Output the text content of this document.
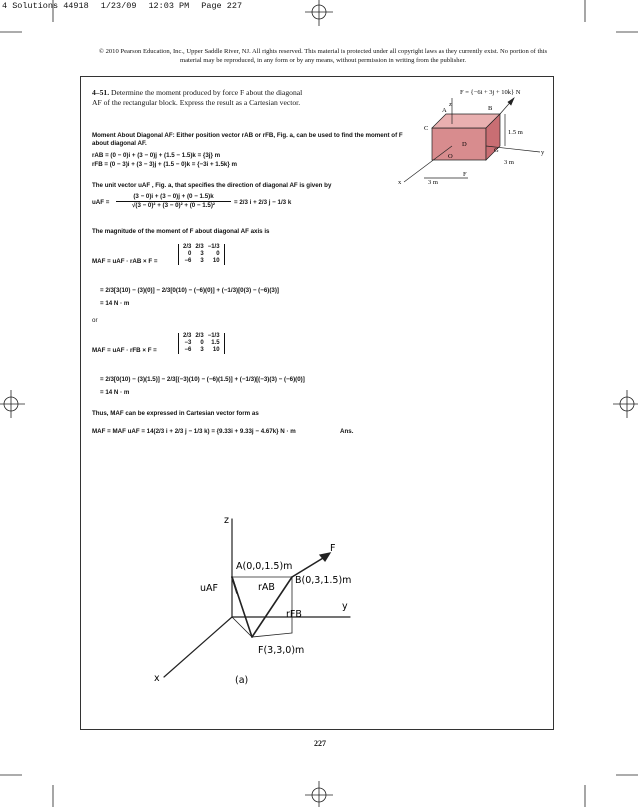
4 Solutions 44918 1/23/09 12:03 PM Page 227
© 2010 Pearson Education, Inc., Upper Saddle River, NJ. All rights reserved. This material is protected under all copyright laws as they currently exist. No portion of this material may be reproduced, in any form or by any means, without permission in writing from the publisher.
4–51. Determine the moment produced by force F about the diagonal AF of the rectangular block. Express the result as a Cartesian vector.
F = {−6i + 3j + 10k} N
z
y
x
A	B
C
D
O
G
F
1.5 m
3 m
3 m
Moment About Diagonal AF: Either position vector rAB or rFB, Fig. a, can be used to find the moment of F
about diagonal AF.
rAB = (0 − 0)i + (3 − 0)j + (1.5 − 1.5)k = {3j} m
rFB = (0 − 3)i + (3 − 3)j + (1.5 − 0)k = {−3i + 1.5k} m
The unit vector uAF , Fig. a, that specifies the direction of diagonal AF is given by
uAF = $\frac{(3 - 0)i + (3 - 0)j + (0 - 1.5)k}{\text{√(3 − 0)² + (3 − 0)² + (0 − 1.5)²}} = 2/3$ i + 2/3 j − 1/3 k
The magnitude of the moment of F about diagonal AF axis is
MAF = uAF · rAB × F =
2/3	2/3	−1/3
0	3	0
−6	3	10
= 2/3[3(10) − (3)(0)] − 2/3[0(10) − (−6)(0)] + (−1/3)[0(3) − (−6)(3)]
= 14 N · m
or
MAF = uAF · rFB × F =
2/3	2/3	−1/3
−3	0	1.5
−6	3	10
= 2/3[0(10) − (3)(1.5)] − 2/3[(−3)(10) − (−6)(1.5)] + (−1/3)[(−3)(3) − (−6)(0)]
= 14 N · m
Thus, MAF can be expressed in Cartesian vector form as
MAF = MAF uAF = 14(2/3 i + 2/3 j − 1/3 k) = {9.33i + 9.33j − 4.67k} N · m	Ans.
z
y
x
F
A(0,0,1.5)m
B(0,3,1.5)m
F(3,3,0)m
uAF	rAB
rFB
(a)
227
